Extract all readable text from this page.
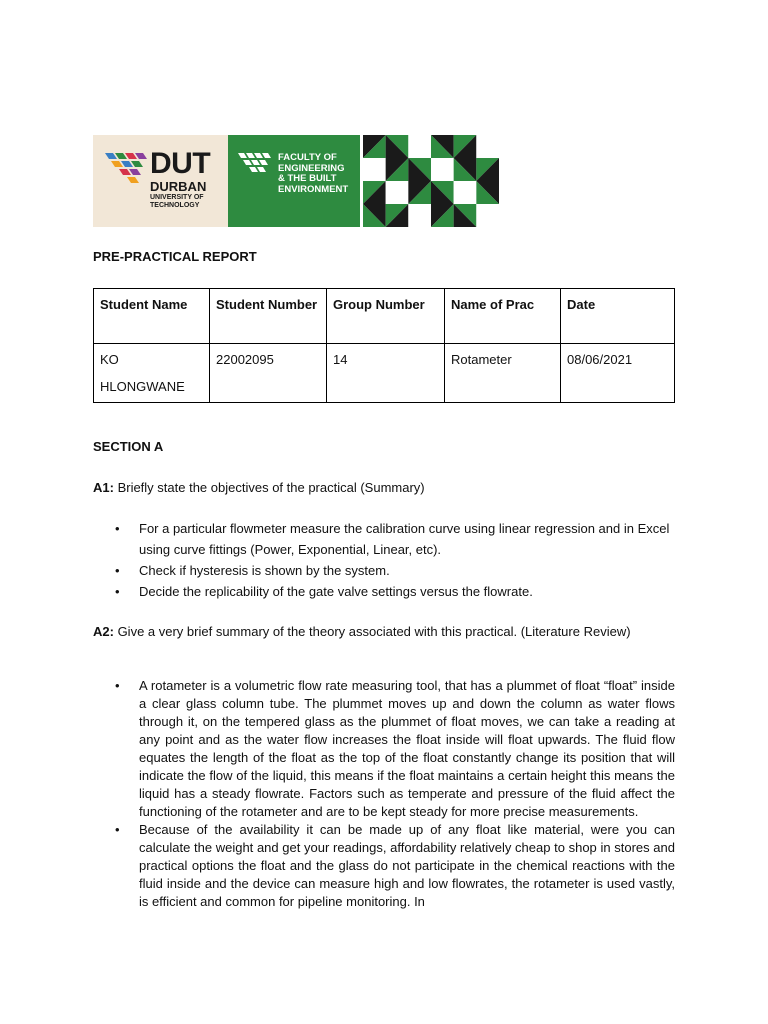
DUT
DURBAN
UNIVERSITY OF
TECHNOLOGY
FACULTY OF
ENGINEERING
& THE BUILT
ENVIRONMENT
PRE-PRACTICAL REPORT
Student Name	Student Number	Group Number	Name of Prac	Date
KO HLONGWANE	22002095	14	Rotameter	08/06/2021
SECTION A
A1: Briefly state the objectives of the practical (Summary)
• For a particular flowmeter measure the calibration curve using linear regression and in Excel using curve fittings (Power, Exponential, Linear, etc).
• Check if hysteresis is shown by the system.
• Decide the replicability of the gate valve settings versus the flowrate.
A2: Give a very brief summary of the theory associated with this practical. (Literature Review)
• A rotameter is a volumetric flow rate measuring tool, that has a plummet of float “float” inside a clear glass column tube. The plummet moves up and down the column as water flows through it, on the tempered glass as the plummet of float moves, we can take a reading at any point and as the water flow increases the float inside will float upwards. The fluid flow equates the length of the float as the top of the float constantly change its position that will indicate the flow of the liquid, this means if the float maintains a certain height this means the liquid has a steady flowrate. Factors such as temperate and pressure of the fluid affect the functioning of the rotameter and are to be kept steady for more precise measurements.
• Because of the availability it can be made up of any float like material, were you can calculate the weight and get your readings, affordability relatively cheap to shop in stores and practical options the float and the glass do not participate in the chemical reactions with the fluid inside and the device can measure high and low flowrates, the rotameter is used vastly, is efficient and common for pipeline monitoring. In
